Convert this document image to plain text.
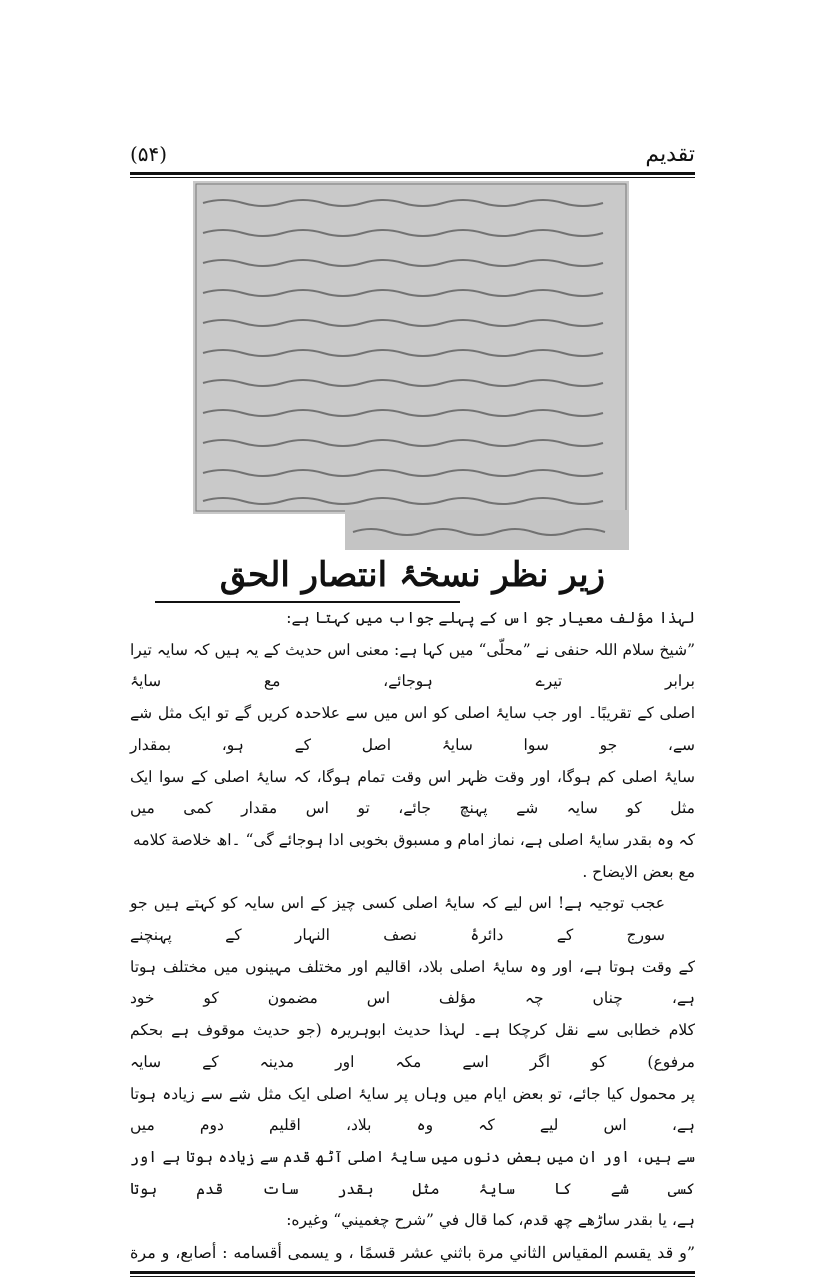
تقدیم
(۵۴)
زیر نظر نسخۂ انتصار الحق
لہذا مؤلف معیار جو اس کے پہلے جواب میں کہتا ہے:
”شیخ سلام اللہ حنفی نے ”محلّی“ میں کہا ہے: معنی اس حدیث کے یہ ہیں کہ سایہ تیرا برابر تیرے ہوجائے، مع سایۂ
اصلی کے تقریبًا۔ اور جب سایۂ اصلی کو اس میں سے علاحدہ کریں گے تو ایک مثل شے سے، جو سوا سایۂ اصل کے ہو، بمقدار
سایۂ اصلی کم ہوگا، اور وقت ظہر اس وقت تمام ہوگا، کہ سایۂ اصلی کے سوا ایک مثل کو سایہ شے پہنچ جائے، تو اس مقدار کمی میں
کہ وہ بقدر سایۂ اصلی ہے، نماز امام و مسبوق بخوبی ادا ہوجائے گی“ ۔اھ خلاصة كلامه مع بعض الايضاح .
عجب توجیہ ہے! اس لیے کہ سایۂ اصلی کسی چیز کے اس سایہ کو کہتے ہیں جو سورج کے دائرۂ نصف النہار کے پہنچنے
کے وقت ہوتا ہے، اور وہ سایۂ اصلی بلاد، اقالیم اور مختلف مہینوں میں مختلف ہوتا ہے، چناں چہ مؤلف اس مضمون کو خود
کلام خطابی سے نقل کرچکا ہے۔ لہذا حدیث ابوہریرہ (جو حدیث موقوف ہے بحکم مرفوع) کو اگر اسے مکہ اور مدینہ کے سایہ
پر محمول کیا جائے، تو بعض ایام میں وہاں پر سایۂ اصلی ایک مثل شے سے زیادہ ہوتا ہے، اس لیے کہ وہ بلاد، اقلیم دوم میں
سے ہیں، اور ان میں بعض دنوں میں سایۂ اصلی آٹھ قدم سے زیادہ ہوتا ہے اور کسی شے کا سایۂ مثل بقدر سات قدم ہوتا
ہے، یا بقدر ساڑھے چھ قدم، کما قال في ”شرح چغميني“ وغيره:
”و قد يقسم المقياس الثاني مرة باثني عشر قسمًا ، و يسمى أقسامه : أصابع، و مرة
